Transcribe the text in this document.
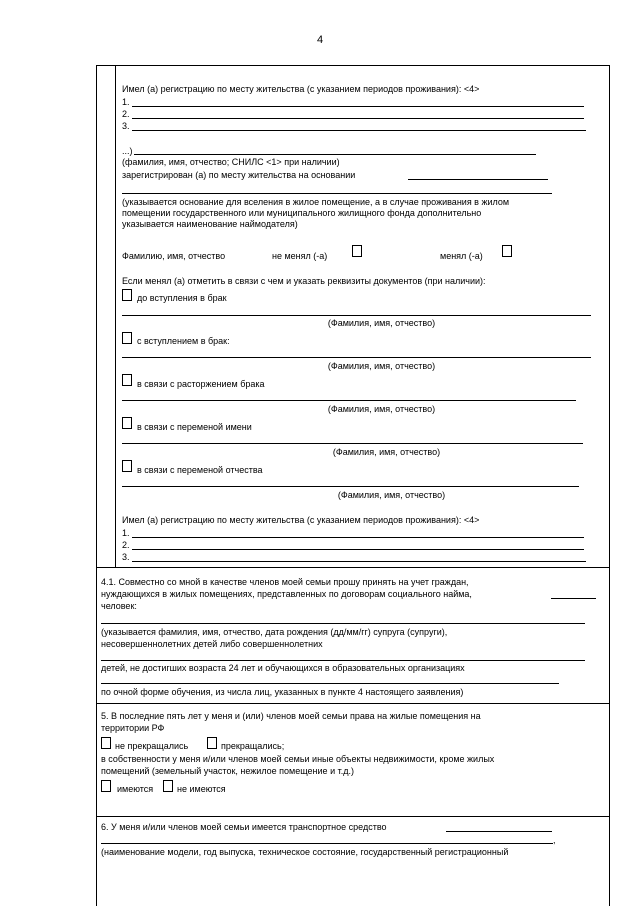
4
Имел (а) регистрацию по месту жительства (с указанием периодов проживания): <4>
1.
2.
3.
...)
(фамилия, имя, отчество; СНИЛС <1> при наличии)
зарегистрирован (а) по месту жительства на основании
(указывается основание для вселения в жилое помещение, а в случае проживания в жилом
помещении государственного или муниципального жилищного фонда дополнительно
указывается наименование наймодателя)
Фамилию, имя, отчество	не менял (-а)	менял (-а)
Если менял (а) отметить в связи с чем и указать реквизиты документов (при наличии):
до вступления в брак
(Фамилия, имя, отчество)
с вступлением в брак:
(Фамилия, имя, отчество)
в связи с расторжением брака
(Фамилия, имя, отчество)
в связи с переменой имени
(Фамилия, имя, отчество)
в связи с переменой отчества
(Фамилия, имя, отчество)
Имел (а) регистрацию по месту жительства (с указанием периодов проживания): <4>
1.
2.
3.
4.1. Совместно со мной в качестве членов моей семьи прошу принять на учет граждан,
нуждающихся в жилых помещениях, представленных по договорам социального найма,
человек:
(указывается фамилия, имя, отчество, дата рождения (дд/мм/гг) супруга (супруги),
несовершеннолетних детей либо совершеннолетних
детей, не достигших возраста 24 лет и обучающихся в образовательных организациях
по очной форме обучения, из числа лиц, указанных в пункте 4 настоящего заявления)
5. В последние пять лет у меня и (или) членов моей семьи права на жилые помещения на
территории РФ
не прекращались	прекращались;
в собственности у меня и/или членов моей семьи иные объекты недвижимости, кроме жилых
помещений (земельный участок, нежилое помещение и т.д.)
имеются	не имеются
6. У меня и/или членов моей семьи имеется транспортное средство
,
(наименование модели, год выпуска, техническое состояние, государственный регистрационный
